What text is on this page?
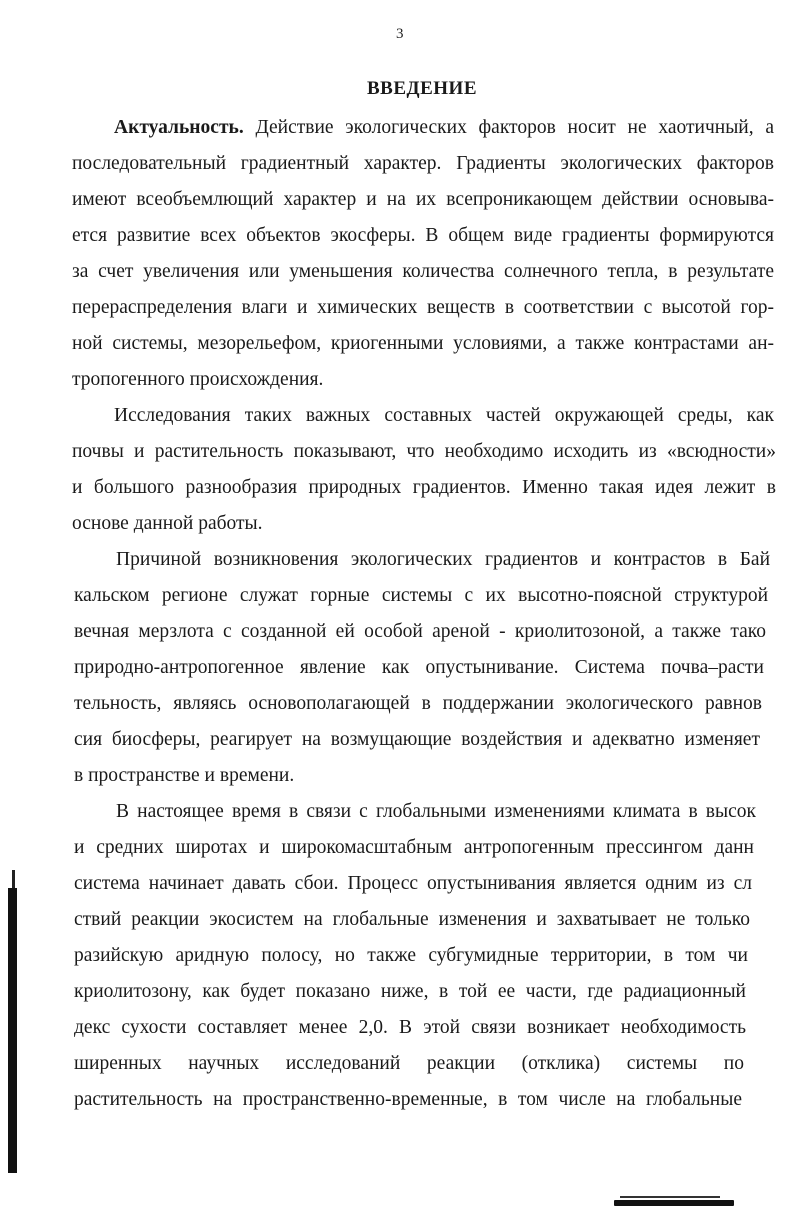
3
ВВЕДЕНИЕ
Актуальность. Действие экологических факторов носит не хаотичный, а
последовательный градиентный характер. Градиенты экологических факторов
имеют всеобъемлющий характер и на их всепроникающем действии основыва-
ется развитие всех объектов экосферы. В общем виде градиенты формируются
за счет увеличения или уменьшения количества солнечного тепла, в результате
перераспределения влаги и химических веществ в соответствии с высотой гор-
ной системы, мезорельефом, криогенными условиями, а также контрастами ан-
тропогенного происхождения.
Исследования таких важных составных частей окружающей среды, как
почвы и растительность показывают, что необходимо исходить из «всюдности»
и большого разнообразия природных градиентов. Именно такая идея лежит в
основе данной работы.
Причиной возникновения экологических градиентов и контрастов в Бай
кальском регионе служат горные системы с их высотно-поясной структурой
вечная мерзлота с созданной ей особой ареной - криолитозоной, а также тако
природно-антропогенное явление как опустынивание. Система почва–расти
тельность, являясь основополагающей в поддержании экологического равнов
сия биосферы, реагирует на возмущающие воздействия и адекватно изменяет
в пространстве и времени.
В настоящее время в связи с глобальными изменениями климата в высок
и средних широтах и широкомасштабным антропогенным прессингом данн
система начинает давать сбои. Процесс опустынивания является одним из сл
ствий реакции экосистем на глобальные изменения и захватывает не только
разийскую аридную полосу, но также субгумидные территории, в том чи
криолитозону, как будет показано ниже, в той ее части, где радиационный
декс сухости составляет менее 2,0. В этой связи возникает необходимость
ширенных научных исследований реакции (отклика) системы по
растительность на пространственно-временные, в том числе на глобальные
